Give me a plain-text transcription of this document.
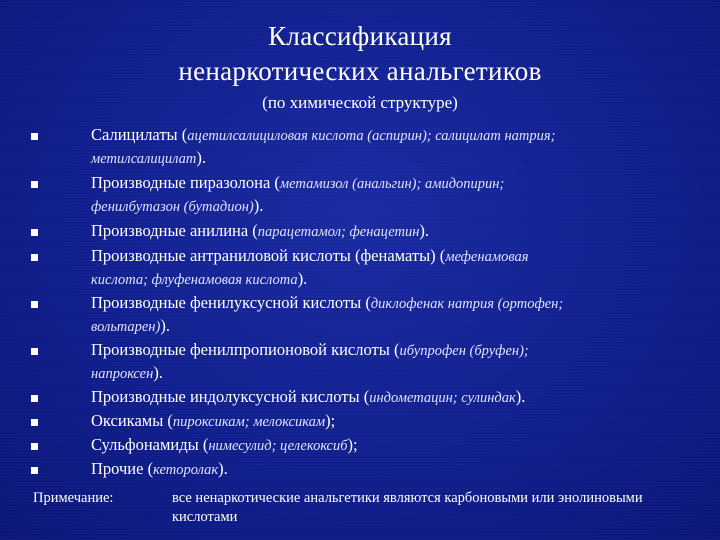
Классификация
ненаркотических анальгетиков
(по химической структуре)
Салицилаты (ацетилсалициловая кислота (аспирин); салицилат натрия;
метилсалицилат).
Производные пиразолона (метамизол (анальгин); амидопирин;
фенилбутазон (бутадион)).
Производные анилина (парацетамол; фенацетин).
Производные антраниловой кислоты (фенаматы) (мефенамовая
кислота; флуфенамовая кислота).
Производные фенилуксусной кислоты (диклофенак натрия (ортофен;
вольтарен)).
Производные фенилпропионовой кислоты (ибупрофен (бруфен);
напроксен).
Производные индолуксусной кислоты (индометацин; сулиндак).
Оксикамы (пироксикам; мелоксикам);
Сульфонамиды (нимесулид; целекоксиб);
Прочие (кеторолак).
Примечание:	все ненаркотические анальгетики являются карбоновыми или энолиновыми кислотами
